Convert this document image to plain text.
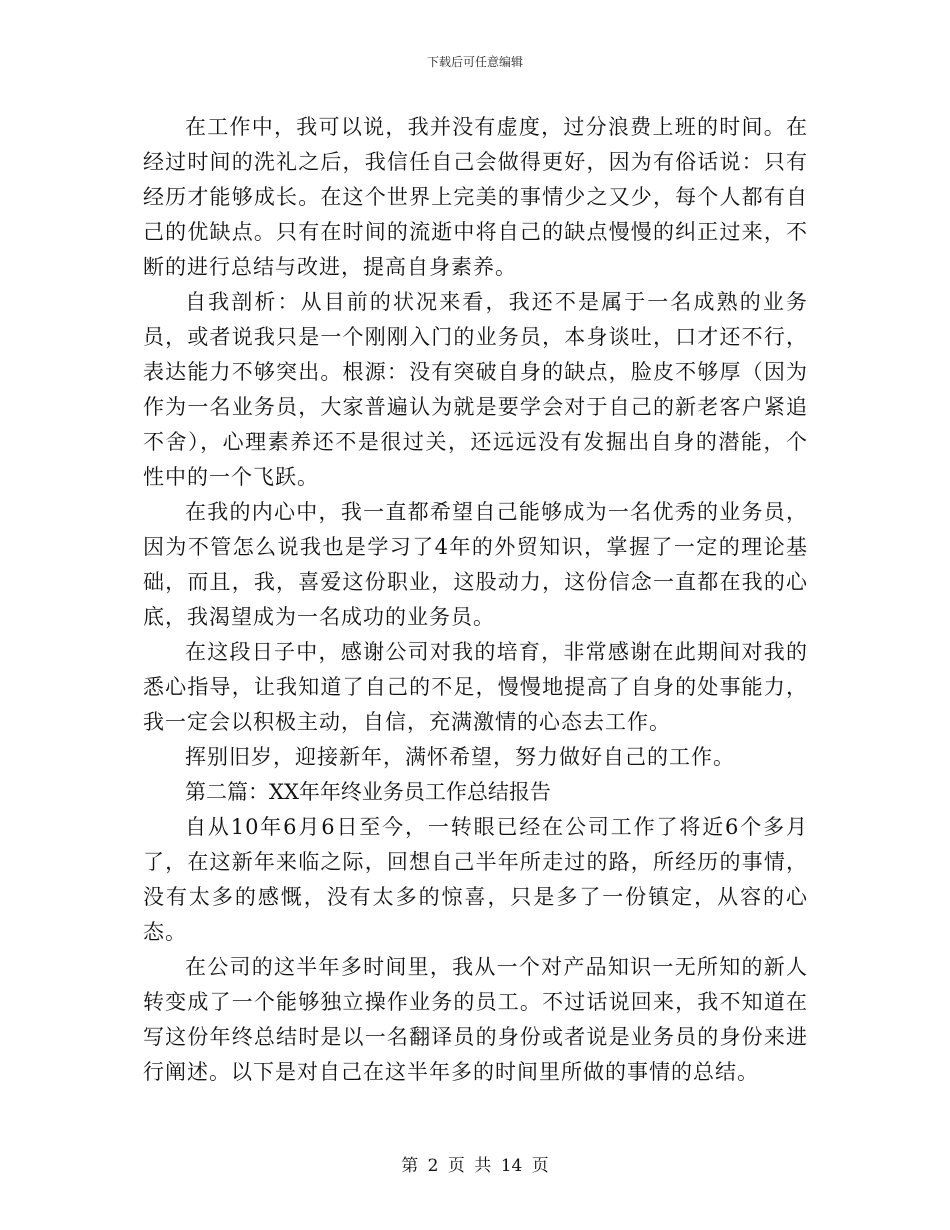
下载后可任意编辑

在工作中，我可以说，我并没有虚度，过分浪费上班的时间。在经过时间的洗礼之后，我信任自己会做得更好，因为有俗话说：只有经历才能够成长。在这个世界上完美的事情少之又少，每个人都有自己的优缺点。只有在时间的流逝中将自己的缺点慢慢的纠正过来，不断的进行总结与改进，提高自身素养。

自我剖析：从目前的状况来看，我还不是属于一名成熟的业务员，或者说我只是一个刚刚入门的业务员，本身谈吐，口才还不行，表达能力不够突出。根源：没有突破自身的缺点，脸皮不够厚（因为作为一名业务员，大家普遍认为就是要学会对于自己的新老客户紧追不舍），心理素养还不是很过关，还远远没有发掘出自身的潜能，个性中的一个飞跃。

在我的内心中，我一直都希望自己能够成为一名优秀的业务员，因为不管怎么说我也是学习了4年的外贸知识，掌握了一定的理论基础，而且，我，喜爱这份职业，这股动力，这份信念一直都在我的心底，我渴望成为一名成功的业务员。

在这段日子中，感谢公司对我的培育，非常感谢在此期间对我的悉心指导，让我知道了自己的不足，慢慢地提高了自身的处事能力，我一定会以积极主动，自信，充满激情的心态去工作。

挥别旧岁，迎接新年，满怀希望，努力做好自己的工作。

第二篇：XX年年终业务员工作总结报告

自从10年6月6日至今，一转眼已经在公司工作了将近6个多月了，在这新年来临之际，回想自己半年所走过的路，所经历的事情，没有太多的感慨，没有太多的惊喜，只是多了一份镇定，从容的心态。

在公司的这半年多时间里，我从一个对产品知识一无所知的新人转变成了一个能够独立操作业务的员工。不过话说回来，我不知道在写这份年终总结时是以一名翻译员的身份或者说是业务员的身份来进行阐述。以下是对自己在这半年多的时间里所做的事情的总结。

第 2 页 共 14 页
